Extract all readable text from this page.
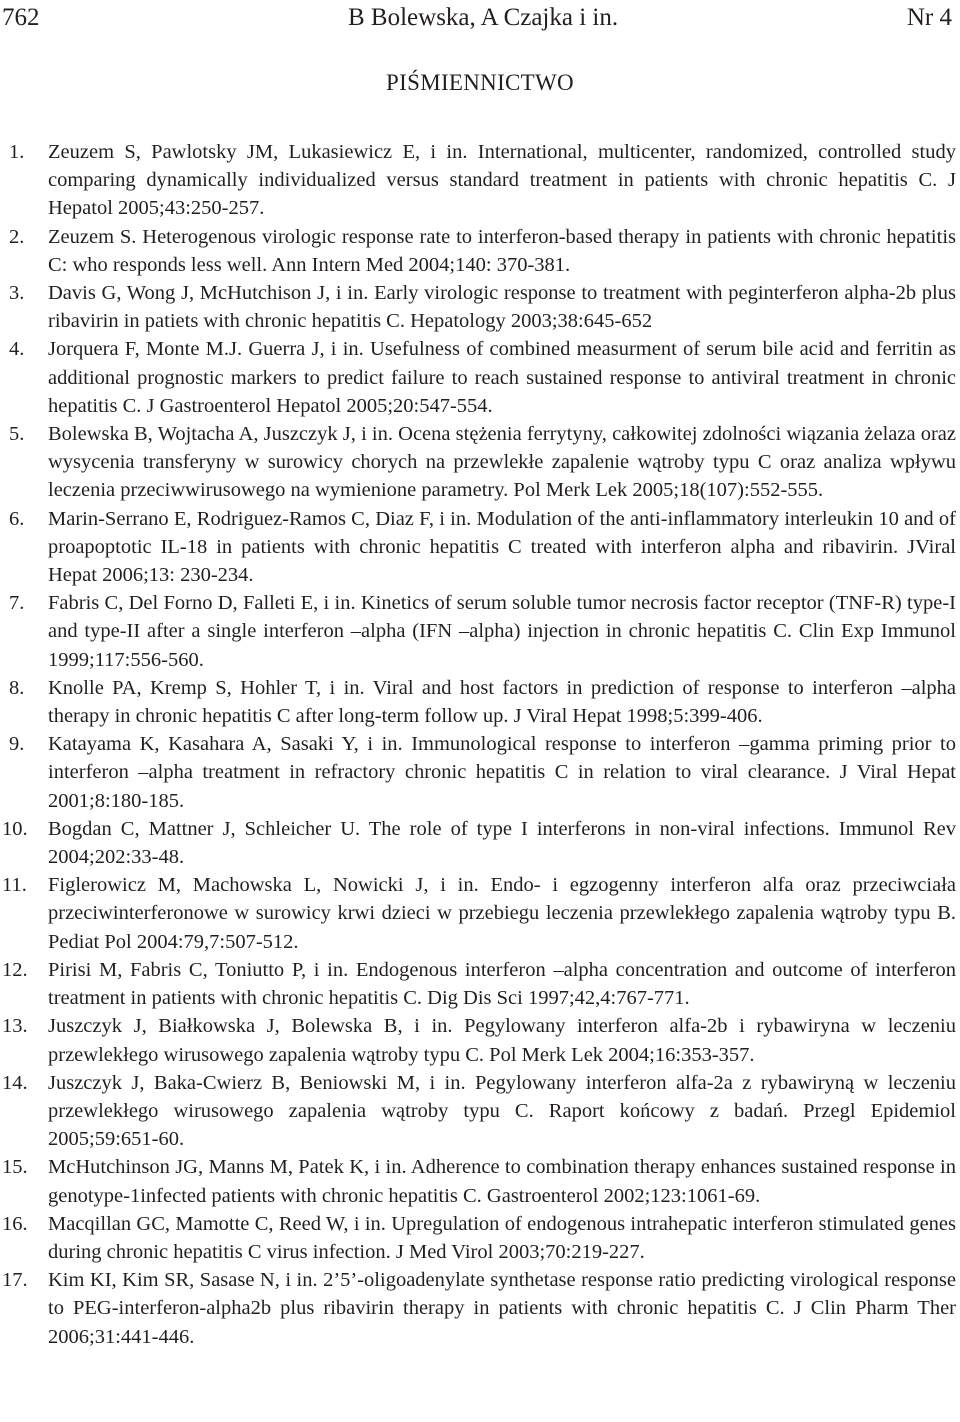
762	B Bolewska, A Czajka i in.	Nr 4
PIŚMIENNICTWO
1. Zeuzem S, Pawlotsky JM, Lukasiewicz E, i in. International, multicenter, randomized, controlled study comparing dynamically individualized versus standard treatment in patients with chronic hepatitis C. J Hepatol 2005;43:250-257.
2. Zeuzem S. Heterogenous virologic response rate to interferon-based therapy in patients with chronic hepatitis C: who responds less well. Ann Intern Med 2004;140: 370-381.
3. Davis G, Wong J, McHutchison J, i in. Early virologic response to treatment with peginterferon alpha-2b plus ribavirin in patiets with chronic hepatitis C. Hepatology 2003;38:645-652
4. Jorquera F, Monte M.J. Guerra J, i in. Usefulness of combined measurment of serum bile acid and ferritin as additional prognostic markers to predict failure to reach sustained response to antiviral treatment in chronic hepatitis C. J Gastroenterol Hepatol 2005;20:547-554.
5. Bolewska B, Wojtacha A, Juszczyk J, i in. Ocena stężenia ferrytyny, całkowitej zdolności wiązania żelaza oraz wysycenia transferyny w surowicy chorych na przewlekłe zapalenie wątroby typu C oraz analiza wpływu leczenia przeciwwirusowego na wymienione parametry. Pol Merk Lek 2005;18(107):552-555.
6. Marin-Serrano E, Rodriguez-Ramos C, Diaz F, i in. Modulation of the anti-inflammatory interleukin 10 and of proapoptotic IL-18 in patients with chronic hepatitis C treated with interferon alpha and ribavirin. JViral Hepat 2006;13: 230-234.
7. Fabris C, Del Forno D, Falleti E, i in. Kinetics of serum soluble tumor necrosis factor receptor (TNF-R) type-I and type-II after a single interferon –alpha (IFN –alpha) injection in chronic hepatitis C. Clin Exp Immunol 1999;117:556-560.
8. Knolle PA, Kremp S, Hohler T, i in. Viral and host factors in prediction of response to interferon –alpha therapy in chronic hepatitis C after long-term follow up. J Viral Hepat 1998;5:399-406.
9. Katayama K, Kasahara A, Sasaki Y, i in. Immunological response to interferon –gamma priming prior to interferon –alpha treatment in refractory chronic hepatitis C in relation to viral clearance. J Viral Hepat 2001;8:180-185.
10. Bogdan C, Mattner J, Schleicher U. The role of type I interferons in non-viral infections. Immunol Rev 2004;202:33-48.
11. Figlerowicz M, Machowska L, Nowicki J, i in. Endo- i egzogenny interferon alfa oraz przeciwciała przeciwinterferonowe w surowicy krwi dzieci w przebiegu leczenia przewlekłego zapalenia wątroby typu B. Pediat Pol 2004:79,7:507-512.
12. Pirisi M, Fabris C, Toniutto P, i in. Endogenous interferon –alpha concentration and outcome of interferon treatment in patients with chronic hepatitis C. Dig Dis Sci 1997;42,4:767-771.
13. Juszczyk J, Białkowska J, Bolewska B, i in. Pegylowany interferon alfa-2b i rybawiryna w leczeniu przewlekłego wirusowego zapalenia wątroby typu C. Pol Merk Lek 2004;16:353-357.
14. Juszczyk J, Baka-Cwierz B, Beniowski M, i in. Pegylowany interferon alfa-2a z rybawiryną w leczeniu przewlekłego wirusowego zapalenia wątroby typu C. Raport końcowy z badań. Przegl Epidemiol 2005;59:651-60.
15. McHutchinson JG, Manns M, Patek K, i in. Adherence to combination therapy enhances sustained response in genotype-1infected patients with chronic hepatitis C. Gastroenterol 2002;123:1061-69.
16. Macqillan GC, Mamotte C, Reed W, i in. Upregulation of endogenous intrahepatic interferon stimulated genes during chronic hepatitis C virus infection. J Med Virol 2003;70:219-227.
17. Kim KI, Kim SR, Sasase N, i in. 2’5’-oligoadenylate synthetase response ratio predicting virological response to PEG-interferon-alpha2b plus ribavirin therapy in patients with chronic hepatitis C. J Clin Pharm Ther 2006;31:441-446.
